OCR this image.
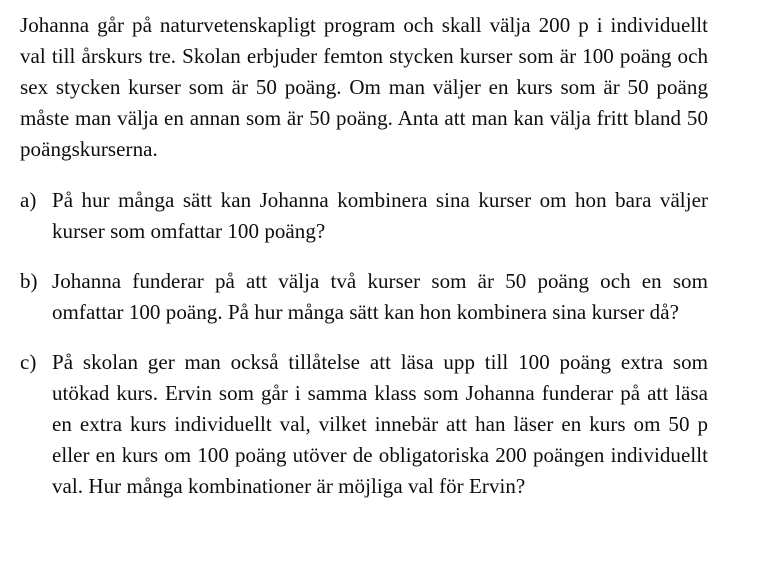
Johanna går på naturvetenskapligt program och skall välja 200 p i individuellt val till årskurs tre. Skolan erbjuder femton stycken kurser som är 100 poäng och sex stycken kurser som är 50 poäng. Om man väljer en kurs som är 50 poäng måste man välja en annan som är 50 poäng. Anta att man kan välja fritt bland 50 poängskurserna.

a) På hur många sätt kan Johanna kombinera sina kurser om hon bara väljer kurser som omfattar 100 poäng?
b) Johanna funderar på att välja två kurser som är 50 poäng och en som omfattar 100 poäng. På hur många sätt kan hon kombinera sina kurser då?
c) På skolan ger man också tillåtelse att läsa upp till 100 poäng extra som utökad kurs. Ervin som går i samma klass som Johanna funderar på att läsa en extra kurs individuellt val, vilket innebär att han läser en kurs om 50 p eller en kurs om 100 poäng utöver de obligatoriska 200 poängen individuellt val. Hur många kombinationer är möjliga val för Ervin?
